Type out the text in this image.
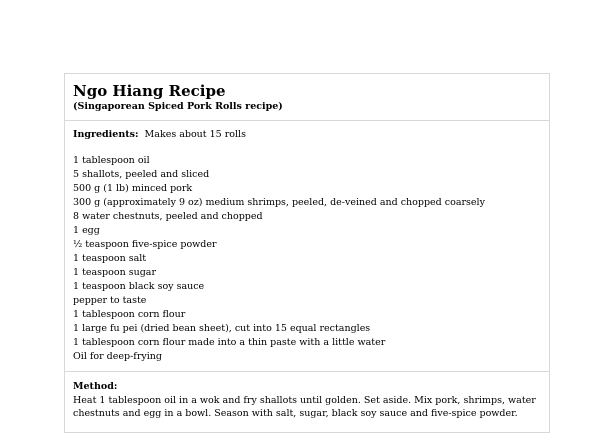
Ngo Hiang Recipe

(Singaporean Spiced Pork Rolls recipe)

Ingredients: Makes about 15 rolls

1 tablespoon oil
5 shallots, peeled and sliced
500 g (1 lb) minced pork
300 g (approximately 9 oz) medium shrimps, peeled, de-veined and chopped coarsely
8 water chestnuts, peeled and chopped
1 egg
½ teaspoon five-spice powder
1 teaspoon salt
1 teaspoon sugar
1 teaspoon black soy sauce
pepper to taste
1 tablespoon corn flour
1 large fu pei (dried bean sheet), cut into 15 equal rectangles
1 tablespoon corn flour made into a thin paste with a little water
Oil for deep-frying

Method:

Heat 1 tablespoon oil in a wok and fry shallots until golden. Set aside. Mix pork, shrimps, water chestnuts and egg in a bowl. Season with salt, sugar, black soy sauce and five-spice powder.
